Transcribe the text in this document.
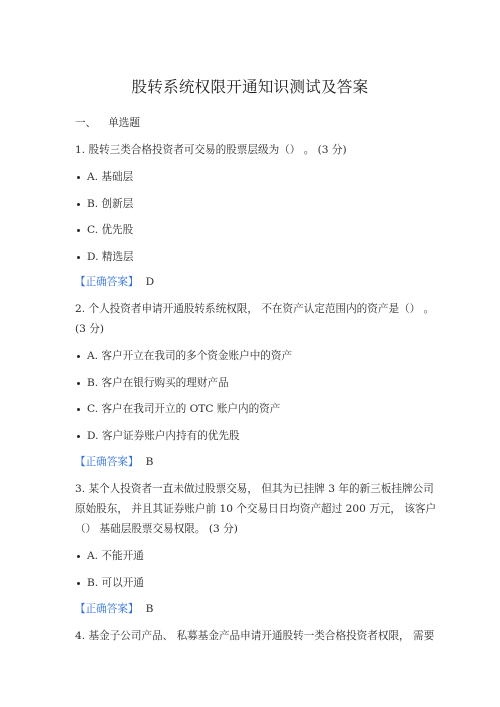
股转系统权限开通知识测试及答案
一、 单选题
1. 股转三类合格投资者可交易的股票层级为（） 。 (3 分)
A. 基础层
B. 创新层
C. 优先股
D. 精选层
【正确答案】 D
2. 个人投资者申请开通股转系统权限， 不在资产认定范围内的资产是（） 。
(3 分)
A. 客户开立在我司的多个资金账户中的资产
B. 客户在银行购买的理财产品
C. 客户在我司开立的 OTC 账户内的资产
D. 客户证券账户内持有的优先股
【正确答案】 B
3. 某个人投资者一直未做过股票交易， 但其为已挂牌 3 年的新三板挂牌公司
原始股东， 并且其证券账户前 10 个交易日日均资产超过 200 万元， 该客户
（） 基础层股票交易权限。 (3 分)
A. 不能开通
B. 可以开通
【正确答案】 B
4. 基金子公司产品、 私募基金产品申请开通股转一类合格投资者权限， 需要
